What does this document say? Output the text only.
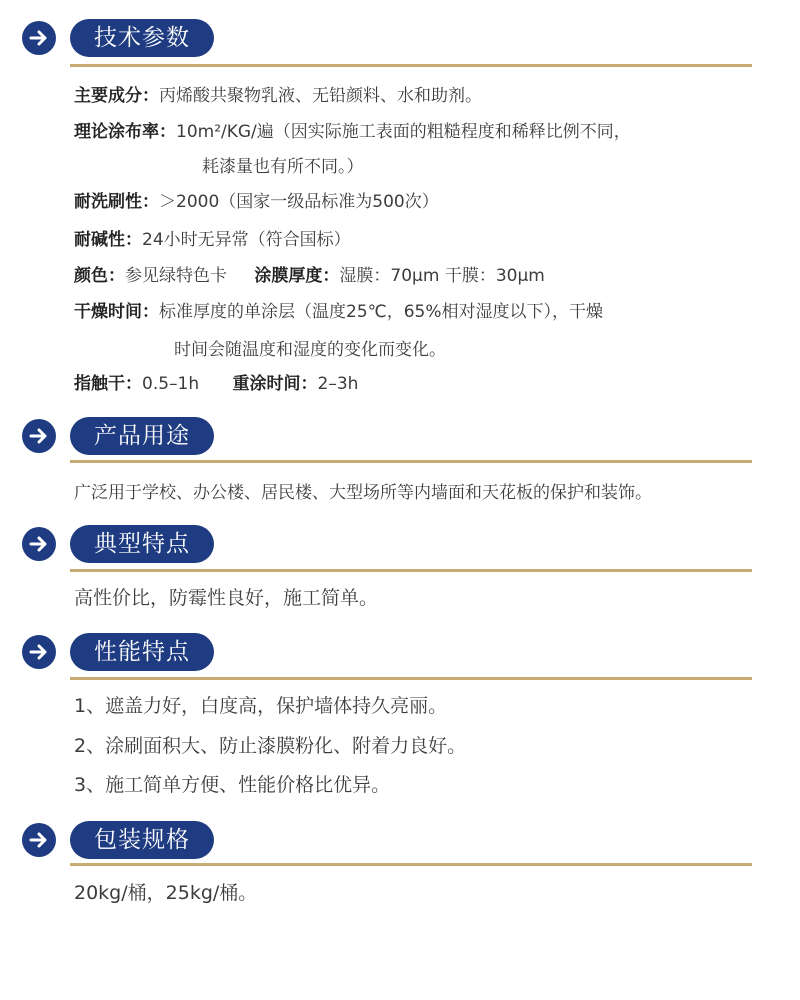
技术参数
主要成分：丙烯酸共聚物乳液、无铅颜料、水和助剂。
理论涂布率：10m²/KG/遍（因实际施工表面的粗糙程度和稀释比例不同，
耗漆量也有所不同。）
耐洗刷性：＞2000（国家一级品标准为500次）
耐碱性：24小时无异常（符合国标）
颜色：参见绿特色卡 涂膜厚度：湿膜：70μm 干膜：30μm
干燥时间：标准厚度的单涂层（温度25℃，65%相对湿度以下），干燥
时间会随温度和湿度的变化而变化。
指触干：0.5–1h 重涂时间：2–3h
产品用途
广泛用于学校、办公楼、居民楼、大型场所等内墙面和天花板的保护和装饰。
典型特点
高性价比，防霉性良好，施工简单。
性能特点
1、遮盖力好，白度高，保护墙体持久亮丽。
2、涂刷面积大、防止漆膜粉化、附着力良好。
3、施工简单方便、性能价格比优异。
包装规格
20kg/桶，25kg/桶。
